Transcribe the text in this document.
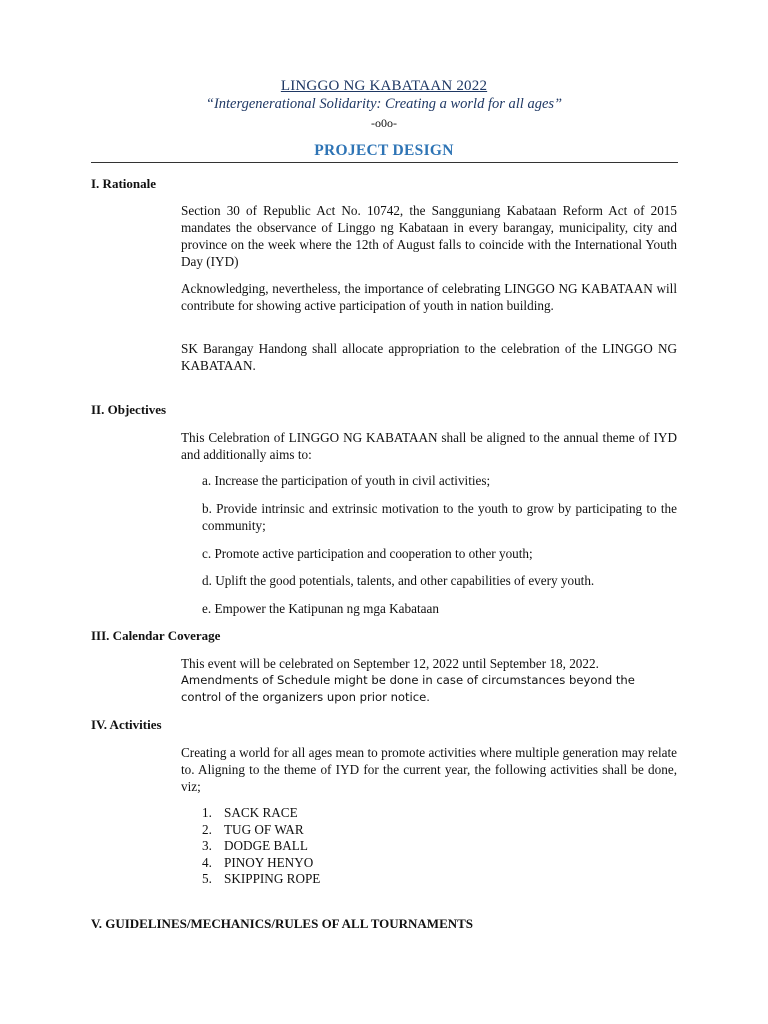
LINGGO NG KABATAAN 2022
“Intergenerational Solidarity: Creating a world for all ages”
-o0o-
PROJECT DESIGN
I. Rationale
Section 30 of Republic Act No. 10742, the Sangguniang Kabataan Reform Act of 2015 mandates the observance of Linggo ng Kabataan in every barangay, municipality, city and province on the week where the 12th of August falls to coincide with the International Youth Day (IYD)
Acknowledging, nevertheless, the importance of celebrating LINGGO NG KABATAAN will contribute for showing active participation of youth in nation building.
SK Barangay Handong shall allocate appropriation to the celebration of the LINGGO NG KABATAAN.
II. Objectives
This Celebration of LINGGO NG KABATAAN shall be aligned to the annual theme of IYD and additionally aims to:
a. Increase the participation of youth in civil activities;
b. Provide intrinsic and extrinsic motivation to the youth to grow by participating to the community;
c. Promote active participation and cooperation to other youth;
d. Uplift the good potentials, talents, and other capabilities of every youth.
e. Empower the Katipunan ng mga Kabataan
III. Calendar Coverage
This event will be celebrated on September 12, 2022 until September 18, 2022.
Amendments of Schedule might be done in case of circumstances beyond the control of the organizers upon prior notice.
IV. Activities
Creating a world for all ages mean to promote activities where multiple generation may relate to. Aligning to the theme of IYD for the current year, the following activities shall be done, viz;
1. SACK RACE
2. TUG OF WAR
3. DODGE BALL
4. PINOY HENYO
5. SKIPPING ROPE
V. GUIDELINES/MECHANICS/RULES OF ALL TOURNAMENTS
